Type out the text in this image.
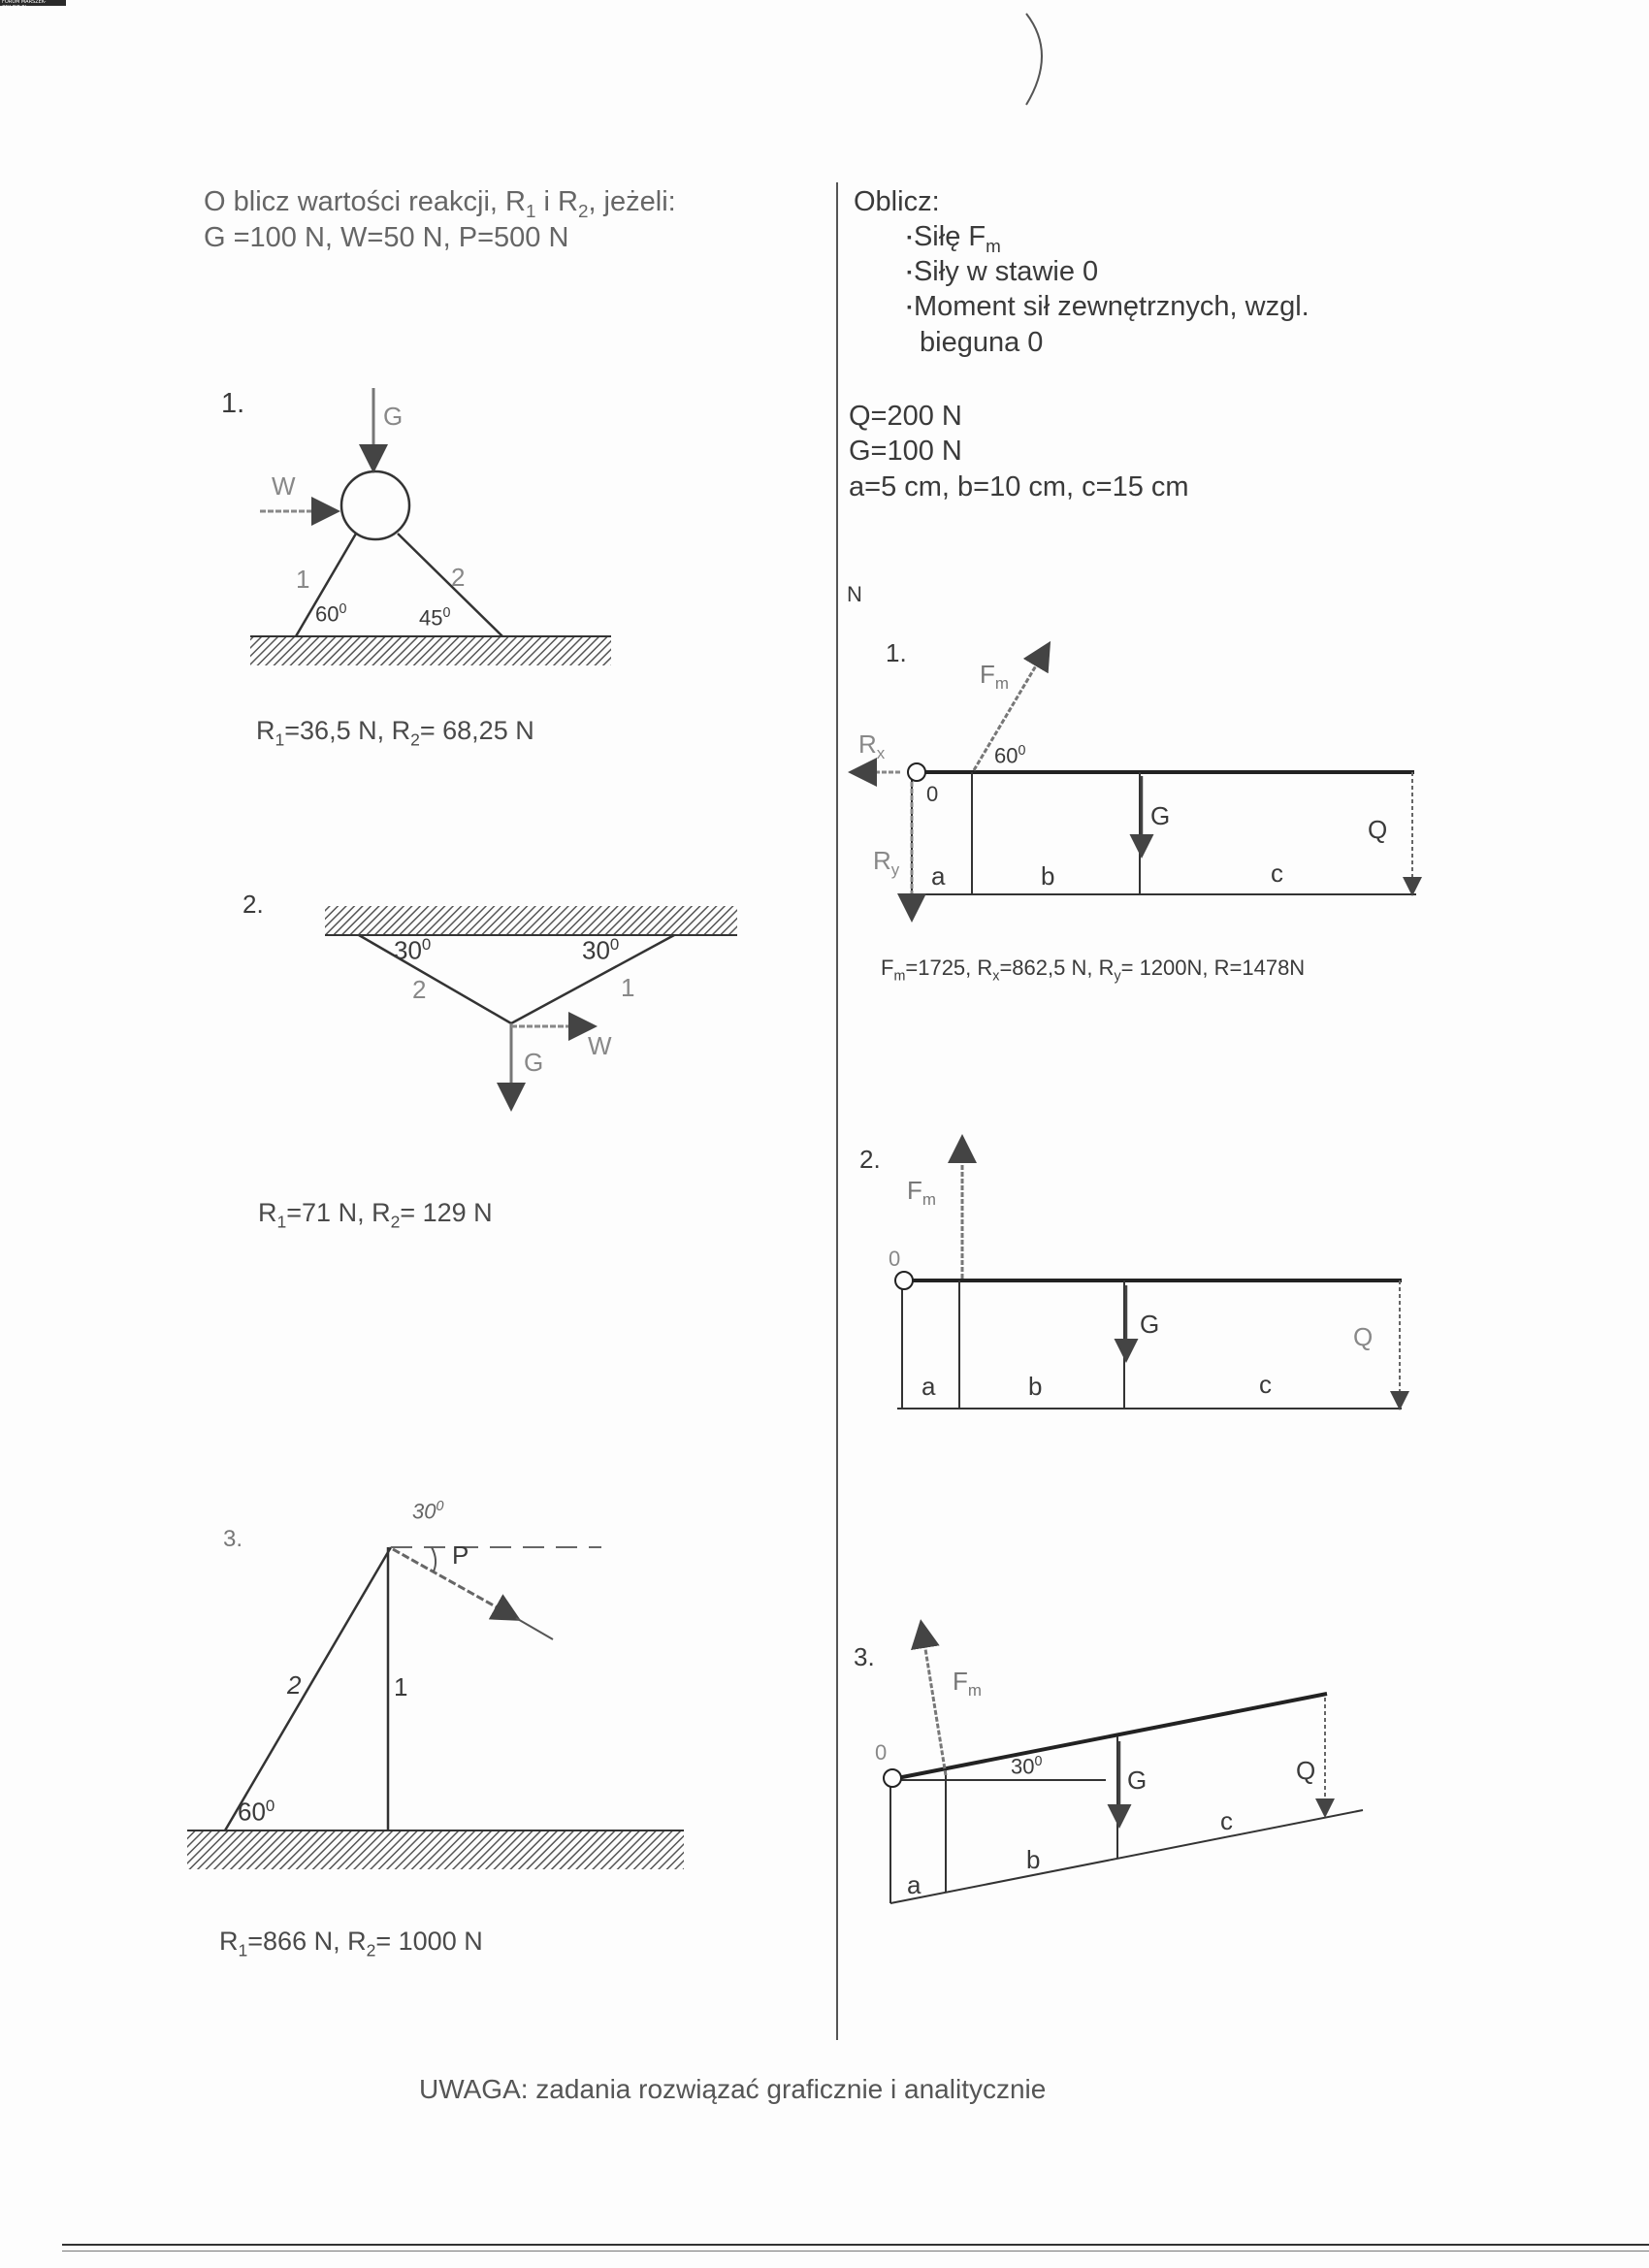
FORUM MARSZEK-ONLINE.PL
O blicz wartości reakcji, $R_1$ i $R_2$, jeżeli:
G =100 N, W=50 N, P=500 N
1.	G
W
1	2
$60^0$	$45^0$
$R_1=36,5$ N, $R_2= 68,25$ N
2.
$30^0$	$30^0$
2	1
G
W
$R_1=71$ N, $R_2= 129$ N
3.
$30^0$
P
2	1
$60^0$
$R_1=866$ N, $R_2= 1000$ N
Oblicz:
▪Siłę $F_m$
▪Siły w stawie 0
▪Moment sił zewnętrznych, wzgl.
bieguna 0
Q=200 N
G=100 N
a=5 cm, b=10 cm, c=15 cm
N
1.
$F_m$
$R_x$	$60^0$
0
$R_y$
G	Q
a	b	c
$F_m=1725$, $R_x=862,5$ N, $R_y= 1200N$, R=1478N
2.
$F_m$
0
G	Q
a	b	c
3.
$F_m$
0
$30^0$
G	Q
a
b
c
UWAGA: zadania rozwiązać graficznie i analitycznie
